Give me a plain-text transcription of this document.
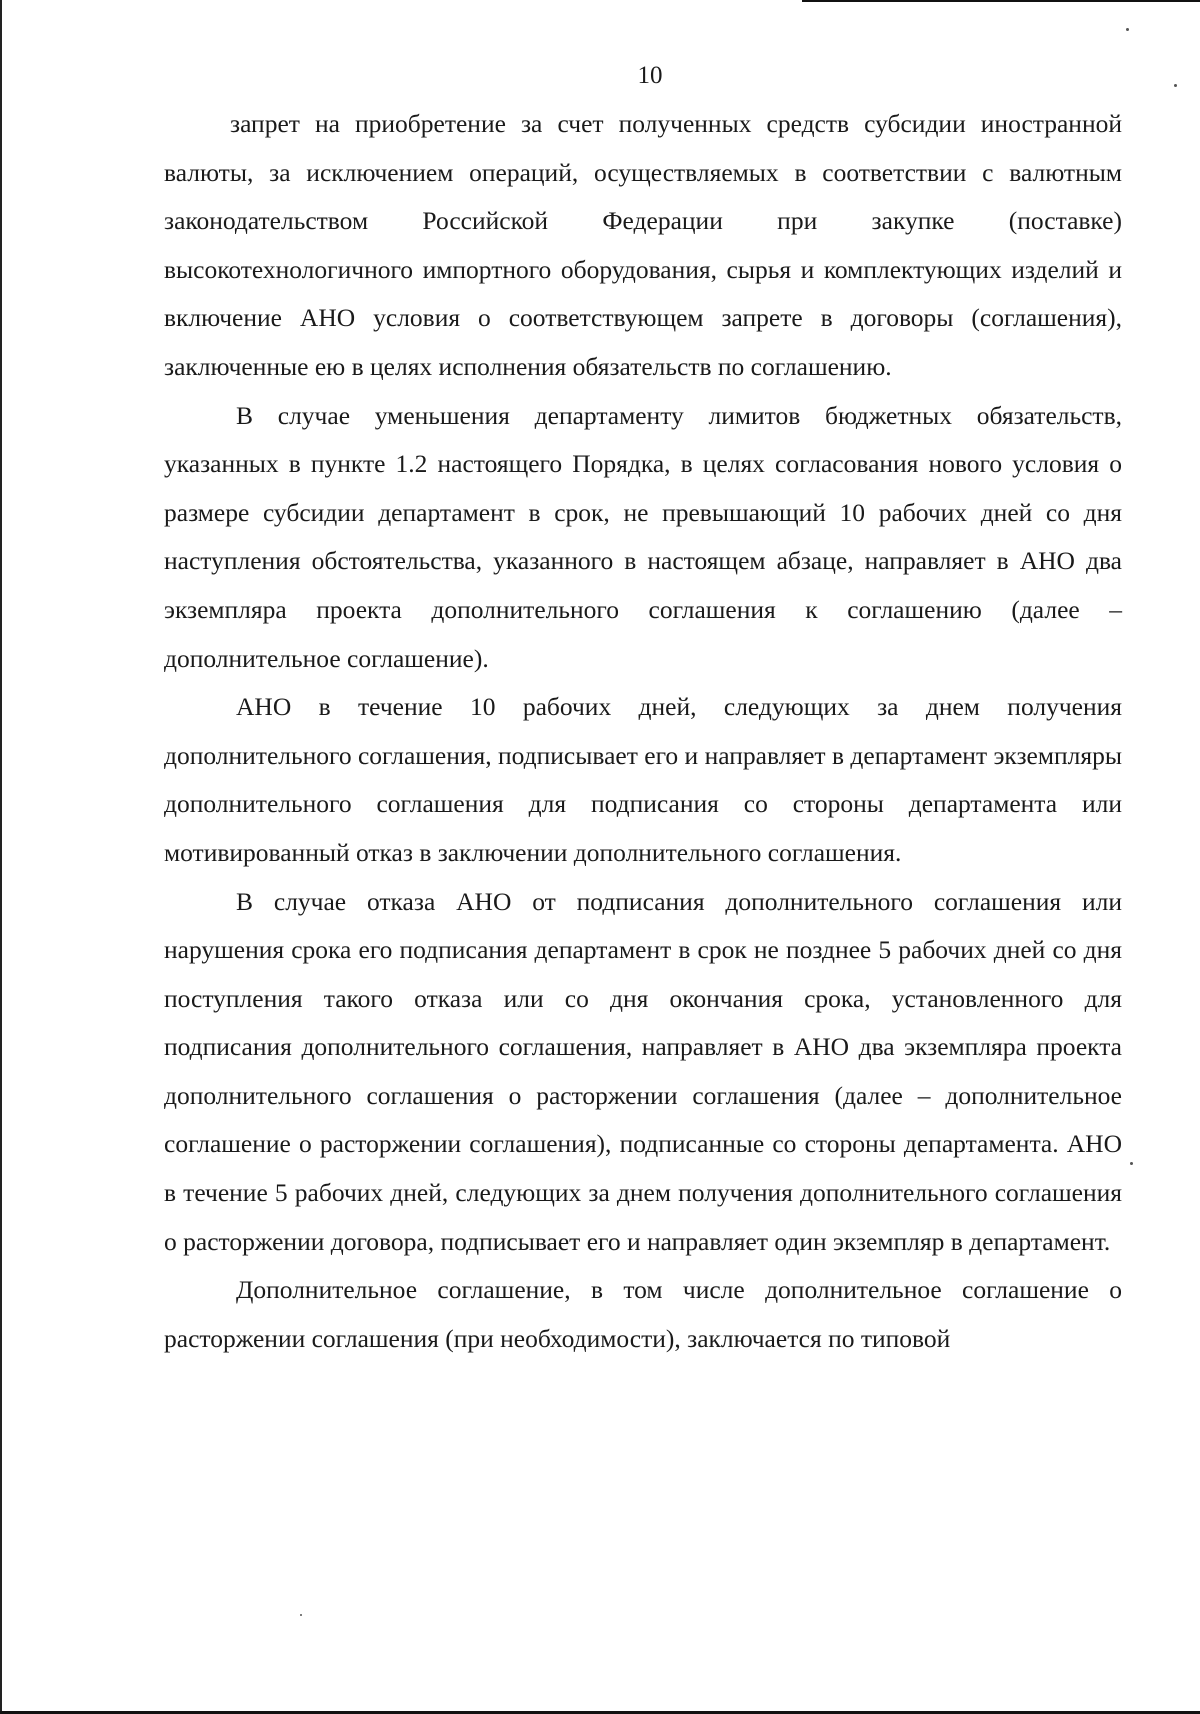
10

запрет на приобретение за счет полученных средств субсидии иностранной валюты, за исключением операций, осуществляемых в соответствии с валютным законодательством Российской Федерации при закупке (поставке) высокотехнологичного импортного оборудования, сырья и комплектующих изделий и включение АНО условия о соответствующем запрете в договоры (соглашения), заключенные ею в целях исполнения обязательств по соглашению.

В случае уменьшения департаменту лимитов бюджетных обязательств, указанных в пункте 1.2 настоящего Порядка, в целях согласования нового условия о размере субсидии департамент в срок, не превышающий 10 рабочих дней со дня наступления обстоятельства, указанного в настоящем абзаце, направляет в АНО два экземпляра проекта дополнительного соглашения к соглашению (далее – дополнительное соглашение).

АНО в течение 10 рабочих дней, следующих за днем получения дополнительного соглашения, подписывает его и направляет в департамент экземпляры дополнительного соглашения для подписания со стороны департамента или мотивированный отказ в заключении дополнительного соглашения.

В случае отказа АНО от подписания дополнительного соглашения или нарушения срока его подписания департамент в срок не позднее 5 рабочих дней со дня поступления такого отказа или со дня окончания срока, установленного для подписания дополнительного соглашения, направляет в АНО два экземпляра проекта дополнительного соглашения о расторжении соглашения (далее – дополнительное соглашение о расторжении соглашения), подписанные со стороны департамента. АНО в течение 5 рабочих дней, следующих за днем получения дополнительного соглашения о расторжении договора, подписывает его и направляет один экземпляр в департамент.

Дополнительное соглашение, в том числе дополнительное соглашение о расторжении соглашения (при необходимости), заключается по типовой
